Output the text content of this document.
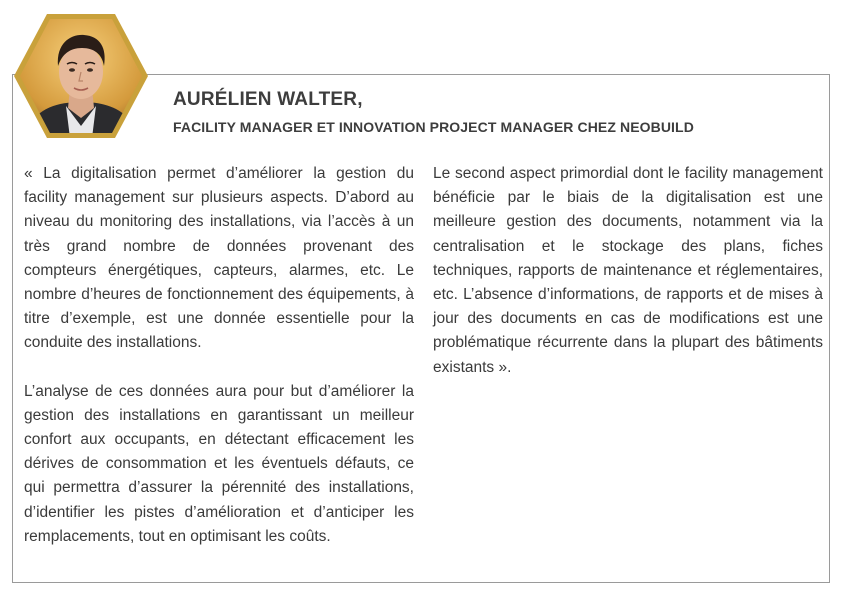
AURÉLIEN WALTER,
FACILITY MANAGER ET INNOVATION PROJECT MANAGER CHEZ NEOBUILD

« La digitalisation permet d’améliorer la gestion du facility management sur plusieurs aspects. D’abord au niveau du monitoring des installations, via l’accès à un très grand nombre de données provenant des compteurs énergétiques, capteurs, alarmes, etc. Le nombre d’heures de fonctionnement des équipements, à titre d’exemple, est une donnée essentielle pour la conduite des installations.

L’analyse de ces données aura pour but d’améliorer la gestion des installations en garantissant un meilleur confort aux occupants, en détectant efficacement les dérives de consommation et les éventuels défauts, ce qui permettra d’assurer la pérennité des installations, d’identifier les pistes d’amélioration et d’anticiper les remplacements, tout en optimisant les coûts.

Le second aspect primordial dont le facility management bénéficie par le biais de la digitalisation est une meilleure gestion des documents, notamment via la centralisation et le stockage des plans, fiches techniques, rapports de maintenance et réglementaires, etc. L’absence d’informations, de rapports et de mises à jour des documents en cas de modifications est une problématique récurrente dans la plupart des bâtiments existants ».
